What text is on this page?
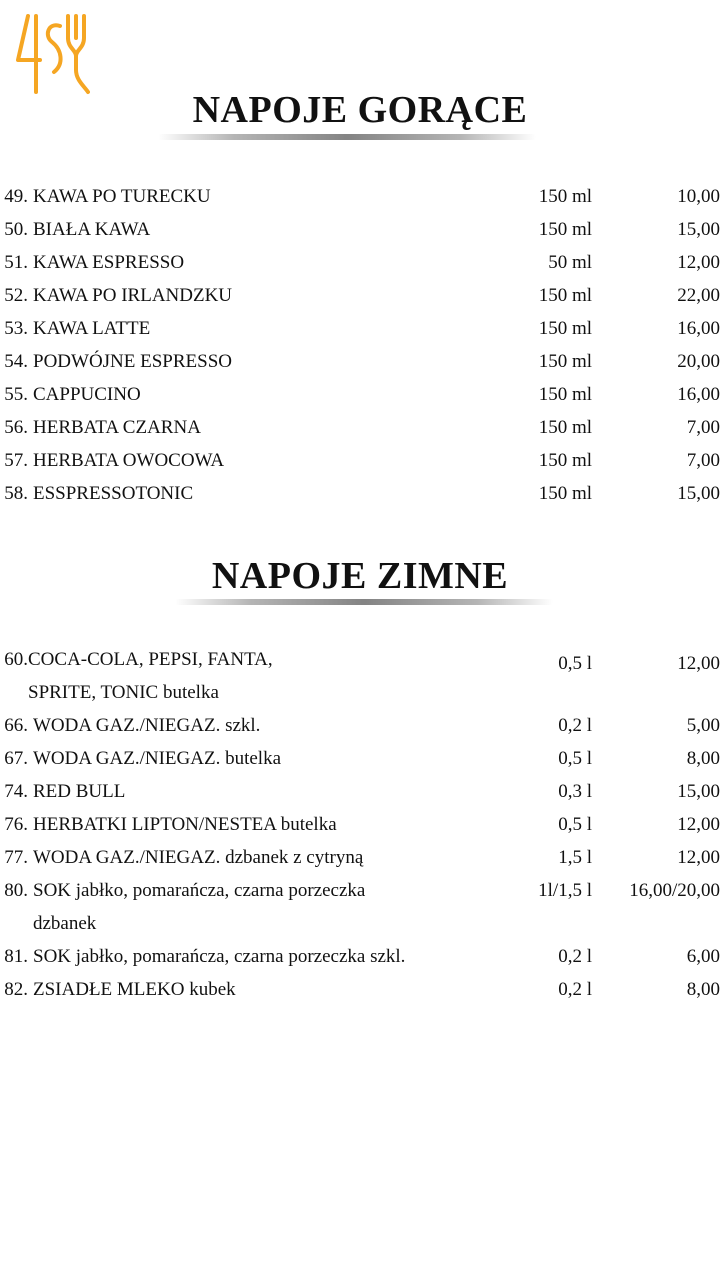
NAPOJE GORĄCE
49. KAWA PO TURECKU	150 ml	10,00
50. BIAŁA KAWA	150 ml	15,00
51. KAWA ESPRESSO	50 ml	12,00
52. KAWA PO IRLANDZKU	150 ml	22,00
53. KAWA LATTE	150 ml	16,00
54. PODWÓJNE ESPRESSO	150 ml	20,00
55. CAPPUCINO	150 ml	16,00
56. HERBATA CZARNA	150 ml	7,00
57. HERBATA OWOCOWA	150 ml	7,00
58. ESSPRESSOTONIC	150 ml	15,00
NAPOJE ZIMNE
60. COCA-COLA, PEPSI, FANTA,
SPRITE, TONIC butelka
0,5 l	12,00
66. WODA GAZ./NIEGAZ. szkl.	0,2 l	5,00
67. WODA GAZ./NIEGAZ. butelka	0,5 l	8,00
74. RED BULL	0,3 l	15,00
76. HERBATKI LIPTON/NESTEA butelka	0,5 l	12,00
77. WODA GAZ./NIEGAZ. dzbanek z cytryną	1,5 l	12,00
80. SOK jabłko, pomarańcza, czarna porzeczka
dzbanek
1l/1,5 l 16,00/20,00
81. SOK jabłko, pomarańcza, czarna porzeczka szkl.	0,2 l	6,00
82. ZSIADŁE MLEKO kubek	0,2 l	8,00
